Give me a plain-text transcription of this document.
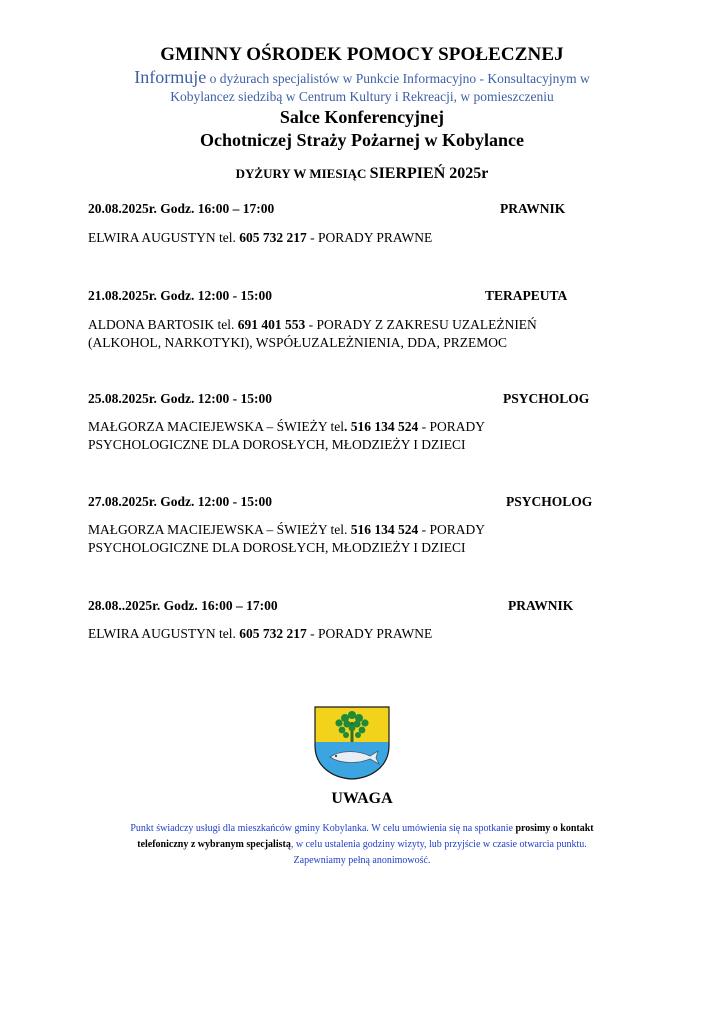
GMINNY OŚRODEK POMOCY SPOŁECZNEJ
Informuje o dyżurach specjalistów w Punkcie Informacyjno - Konsultacyjnym w
Kobylancez siedzibą w Centrum Kultury i Rekreacji, w pomieszczeniu
Salce Konferencyjnej
Ochotniczej Straży Pożarnej w Kobylance
DYŻURY W MIESIĄC SIERPIEŃ 2025r
20.08.2025r. Godz. 16:00 – 17:00	PRAWNIK
ELWIRA AUGUSTYN tel. 605 732 217 - PORADY PRAWNE
21.08.2025r. Godz. 12:00 - 15:00	TERAPEUTA
ALDONA BARTOSIK tel. 691 401 553 - PORADY Z ZAKRESU UZALEŻNIEŃ
(ALKOHOL, NARKOTYKI), WSPÓŁUZALEŻNIENIA, DDA, PRZEMOC
25.08.2025r. Godz. 12:00 - 15:00	PSYCHOLOG
MAŁGORZA MACIEJEWSKA – ŚWIEŻY tel. 516 134 524 - PORADY
PSYCHOLOGICZNE DLA DOROSŁYCH, MŁODZIEŻY I DZIECI
27.08.2025r. Godz. 12:00 - 15:00	PSYCHOLOG
MAŁGORZA MACIEJEWSKA – ŚWIEŻY tel. 516 134 524 - PORADY
PSYCHOLOGICZNE DLA DOROSŁYCH, MŁODZIEŻY I DZIECI
28.08..2025r. Godz. 16:00 – 17:00	PRAWNIK
ELWIRA AUGUSTYN tel. 605 732 217 - PORADY PRAWNE
UWAGA
Punkt świadczy usługi dla mieszkańców gminy Kobylanka. W celu umówienia się na spotkanie prosimy o kontakt
telefoniczny z wybranym specjalistą, w celu ustalenia godziny wizyty, lub przyjście w czasie otwarcia punktu.
Zapewniamy pełną anonimowość.
